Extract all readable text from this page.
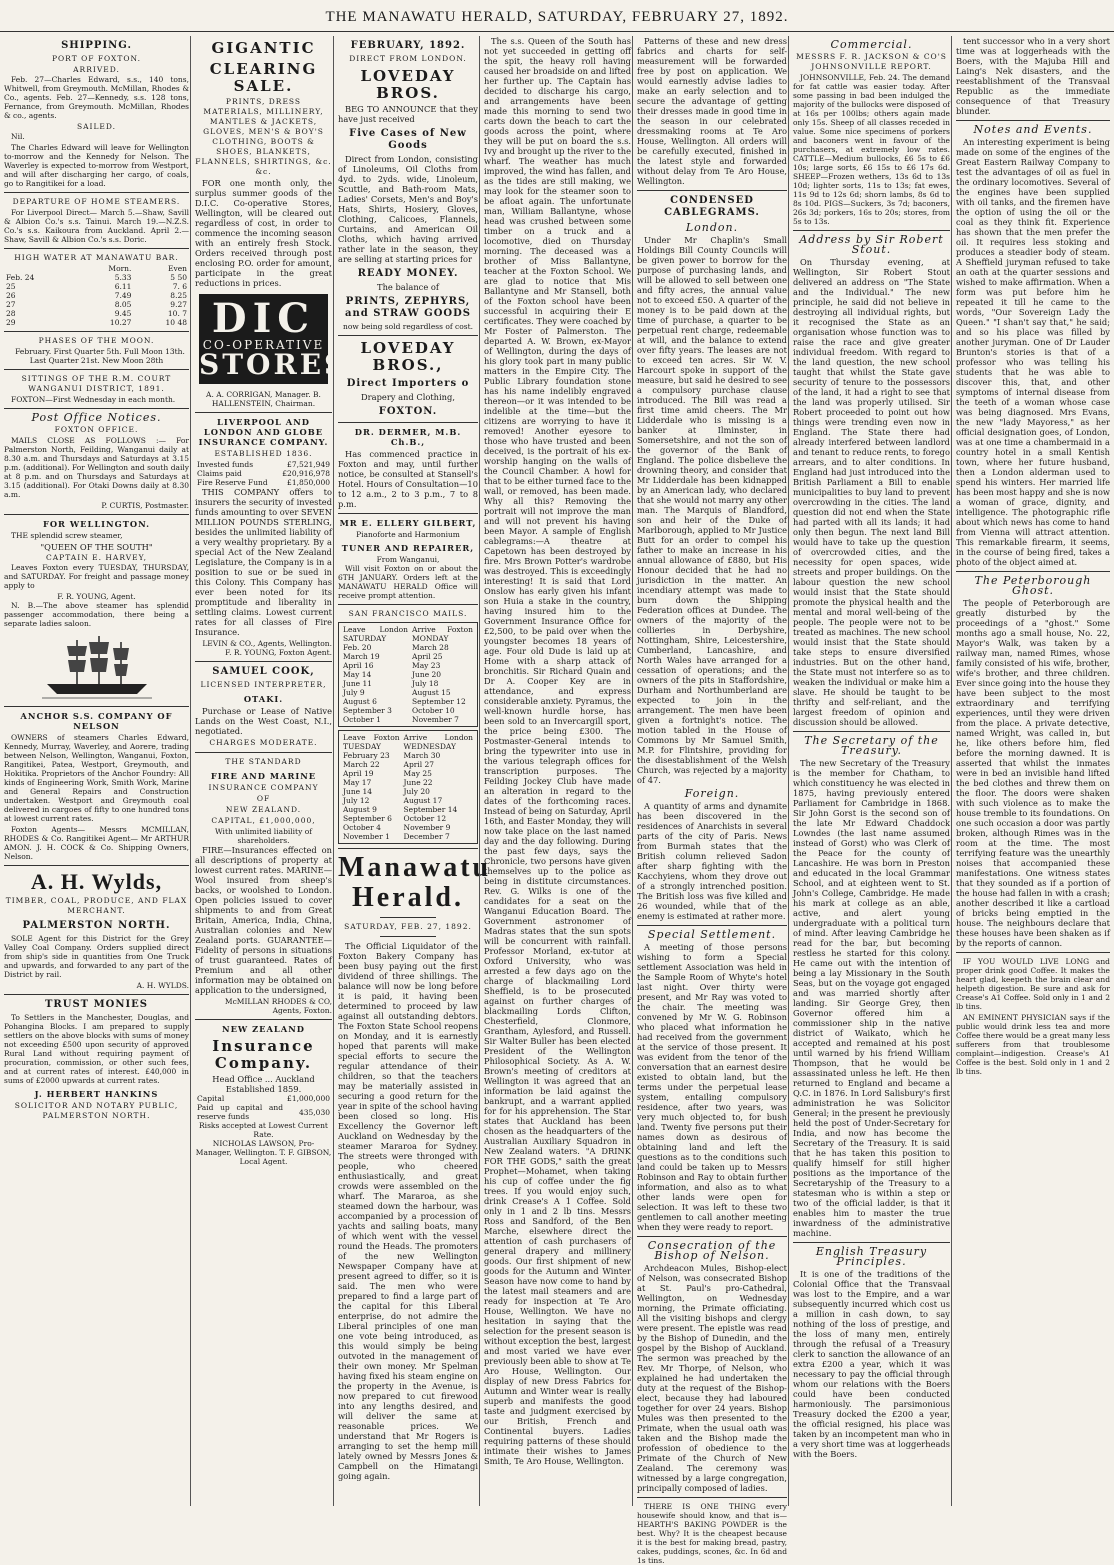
THE MANAWATU HERALD, SATURDAY, FEBRUARY 27, 1892.
SHIPPING.
PORT OF FOXTON.
ARRIVED.
Feb. 27—Charles Edward, s.s., 140 tons, Whitwell, from Greymouth. McMillan, Rhodes & Co., agents. Feb. 27—Kennedy, s.s. 128 tons, Fernance, from Greymouth. McMillan, Rhodes & co., agents.
SAILED.
Nil.
The Charles Edward will leave for Wellington to-morrow and the Kennedy for Nelson. The Waverley is expected to-morrow from Westport, and will after discharging her cargo, of coals, go to Rangitikei for a load.
DEPARTURE OF HOME STEAMERS.
For Liverpool Direct— March 5.—Shaw, Savill & Albion Co.'s s.s. Tainui. March 19.—N.Z.S. Co.'s s.s. Kaikoura from Auckland. April 2.—Shaw, Savill & Albion Co.'s s.s. Doric.
HIGH WATER AT MANAWATU BAR.
	Morn.	Even
Feb. 24	5.33	5 50
25	6.11	7. 6
26	7.49	8.25
27	8.05	9.27
28	9.45	10. 7
29	10.27	10 48
PHASES OF THE MOON.
February. First Quarter 5th. Full Moon 13th. Last Quarter 21st. New Moon 28th
SITTINGS OF THE R.M. COURT WANGANUI DISTRICT, 1891.
FOXTON—First Wednesday in each month.
Post Office Notices.
FOXTON OFFICE.
MAILS CLOSE AS FOLLOWS :— For Palmerston North, Feilding, Wanganui daily at 8.30 a.m. and Thursdays and Saturdays at 3.15 p.m. (additional). For Wellington and south daily at 8 p.m. and on Thursdays and Saturdays at 3.15 (additional). For Otaki Downs daily at 8.30 a.m.
P. CURTIS, Postmaster.
FOR WELLINGTON.
THE splendid screw steamer,
"QUEEN OF THE SOUTH"
CAPTAIN E. HARVEY,
Leaves Foxton every TUESDAY, THURSDAY, and SATURDAY. For freight and passage money apply to
F. R. YOUNG, Agent.
N. B.—The above steamer has splendid passenger accommodation, there being a separate ladies saloon.
ANCHOR S.S. COMPANY OF NELSON
OWNERS of steamers Charles Edward, Kennedy, Murray, Waverley, and Aorere, trading between Nelson, Wellington, Wanganui, Foxton, Rangitikei, Patea, Westport, Greymouth, and Hokitika. Proprietors of the Anchor Foundry: All kinds of Engineering Work, Smith Work, Marine and General Repairs and Construction undertaken. Westport and Greymouth coal delivered in cargoes of fifty to one hundred tons at lowest current rates.
Foxton Agents— Messrs MCMILLAN, RHODES & Co. Rangitikei Agent— Mr ARTHUR AMON. J. H. COCK & Co. Shipping Owners, Nelson.
A. H. Wylds,
TIMBER, COAL, PRODUCE, AND FLAX MERCHANT.
PALMERSTON NORTH.
SOLE Agent for this District for the Grey Valley Coal Company. Orders supplied direct from ship's side in quantities from One Truck and upwards, and forwarded to any part of the District by rail.
A. H. WYLDS.
TRUST MONIES
To Settlers in the Manchester, Douglas, and Pohangina Blocks. I am prepared to supply settlers on the above blocks with sums of money not exceeding £500 upon security of approved Rural Land without requiring payment of procuration, commission, or other such fees, and at current rates of interest. £40,000 in sums of £2000 upwards at current rates.
J. HERBERT HANKINS
SOLICITOR AND NOTARY PUBLIC, PALMERSTON NORTH.
GIGANTIC
CLEARING SALE.
PRINTS, DRESS MATERIALS, MILLINERY, MANTLES & JACKETS, GLOVES, MEN'S & BOY'S CLOTHING, BOOTS & SHOES, BLANKETS, FLANNELS, SHIRTINGS, &c. &c.
FOR one month only, the surplus summer goods of the D.I.C. Co-operative Stores, Wellington, will be cleared out regardless of cost, in order to commence the incoming season with an entirely fresh Stock. Orders received through post enclosing P.O. order for amount, participate in the great reductions in prices.
DIC
CO-OPERATIVE
STORES
A. A. CORRIGAN, Manager. B. HALLENSTEIN, Chairman.
LIVERPOOL AND LONDON AND GLOBE INSURANCE COMPANY.
ESTABLISHED 1836.
Invested funds	£7,521,949
Claims paid	£20,916,978
Fire Reserve Fund	£1,850,000
THIS COMPANY offers to insurers the security of invested funds amounting to over SEVEN MILLION POUNDS STERLING, besides the unlimited liability of a very wealthy proprietary. By a special Act of the New Zealand Legislature, the Company is in a position to sue or be sued in this Colony. This Company has ever been noted for its promptitude and liberality in settling claims. Lowest current rates for all classes of Fire Insurance.
LEVIN & CO., Agents, Wellington. F. R. YOUNG, Foxton Agent.
SAMUEL COOK,
LICENSED INTERPRETER,
OTAKI.
Purchase or Lease of Native Lands on the West Coast, N.I., negotiated.
CHARGES MODERATE.
THE STANDARD
FIRE AND MARINE
INSURANCE COMPANY
OF
NEW ZEALAND.
CAPITAL, £1,000,000,
With unlimited liability of shareholders.
FIRE—Insurances effected on all descriptions of property at lowest current rates. MARINE—Wool insured from sheep's backs, or woolshed to London. Open policies issued to cover shipments to and from Great Britain, America, India, China, Australian colonies and New Zealand ports. GUARANTEE—Fidelity of persons in situations of trust guaranteed. Rates of Premium and all other information may be obtained on application to the undersigned,
McMILLAN RHODES & CO, Agents, Foxton.
NEW ZEALAND
Insurance Company.
Head Office ... Auckland
Established 1859.
Capital	£1,000,000
Paid up capital and reserve funds	435,030
Risks accepted at Lowest Current Rate.
NICHOLAS LAWSON, Pro-Manager, Wellington. T. F. GIBSON, Local Agent.
FEBRUARY, 1892.
DIRECT FROM LONDON.
LOVEDAY BROS.
BEG TO ANNOUNCE that they have just received
Five Cases of New Goods
Direct from London, consisting of Linoleums, Oil Cloths from 4yd. to 2yds. wide, Linoleum, Scuttle, and Bath-room Mats, Ladies' Corsets, Men's and Boy's Hats, Shirts, Hosiery, Gloves, Clothing, Calicoes, Flannels, Curtains, and American Oil Cloths, which having arrived rather late in the season, they are selling at starting prices for
READY MONEY.
The balance of
PRINTS, ZEPHYRS, and STRAW GOODS
now being sold regardless of cost.
LOVEDAY BROS.,
Direct Importers o
Drapery and Clothing,
FOXTON.
DR. DERMER, M.B. Ch.B.,
Has commenced practice in Foxton and may, until further notice, be consulted at Stansell's Hotel. Hours of Consultation—10 to 12 a.m., 2 to 3 p.m., 7 to 8 p.m.
MR E. ELLERY GILBERT,
Pianoforte and Harmonium
TUNER AND REPAIRER,
From Wanganui,
Will visit Foxton on or about the 6TH JANUARY. Orders left at the MANAWATU HERALD Office will receive prompt attention.
SAN FRANCISCO MAILS.
Leave London SATURDAY	Arrive Foxton MONDAY
Feb. 20	March 28
March 19	April 25
April 16	May 23
May 14	June 20
June 11	July 18
July 9	August 15
August 6	September 12
September 3	October 10
October 1	November 7
Leave Foxton TUESDAY	Arrive London WEDNESDAY
February 23	March 30
March 22	April 27
April 19	May 25
May 17	June 22
June 14	July 20
July 12	August 17
August 9	September 14
September 6	October 12
October 4	November 9
November 1	December 7
Manawatu Herald.
SATURDAY, FEB. 27, 1892.
The Official Liquidator of the Foxton Bakery Company has been busy paying out the first dividend of three shillings. The balance will now be long before it is paid, it having been determined to proceed by law against all outstanding debtors. The Foxton State School reopens on Monday, and it is earnestly hoped that parents will make special efforts to secure the regular attendance of their children, so that the teachers may be materially assisted in securing a good return for the year in spite of the school having been closed so long. His Excellency the Governor left Auckland on Wednesday by the steamer Mararoa for Sydney. The streets were thronged with people, who cheered enthusiastically, and great crowds were assembled on the wharf. The Mararoa, as she steamed down the harbour, was accompanied by a procession of yachts and sailing boats, many of which went with the vessel round the Heads. The promoters of the new Wellington Newspaper Company have at present agreed to differ, so it is said. The men who were prepared to find a large part of the capital for this Liberal enterprise, do not admire the Liberal principles of one man one vote being introduced, as this would simply be being outvoted in the management of their own money. Mr Spelman having fixed his steam engine on the property in the Avenue, is now prepared to cut firewood into any lengths desired, and will deliver the same at reasonable prices. We understand that Mr Rogers is arranging to set the hemp mill lately owned by Messrs Jones & Campbell on the Himatangi going again.
The s.s. Queen of the South has not yet succeeded in getting off the spit, the heavy roll having caused her broadside on and lifted her further up. The Captain has decided to discharge his cargo, and arrangements have been made this morning to send two carts down the beach to cart the goods across the point, where they will be put on board the s.s. Ivy and brought up the river to the wharf. The weather has much improved, the wind has fallen, and as the tides are still making, we may look for the steamer soon to be afloat again. The unfortunate man, William Ballantyne, whose head was crushed between some timber on a truck and a locomotive, died on Thursday morning. The deceased was a brother of Miss Ballantyne, teacher at the Foxton School. We are glad to notice that Mis Ballantyne and Mr Stansell, both of the Foxton school have been successful in acquiring their E certificates. They were coached by Mr Foster of Palmerston. The departed A. W. Brown, ex-Mayor of Wellington, during the days of his glory took part in many public matters in the Empire City. The Public Library foundation stone has his name indelibly engraved thereon—or it was intended to be indelible at the time—but the citizens are worrying to have it removed! Another eyesore to those who have trusted and been deceived, is the portrait of his ex-worship hanging on the walls of the Council Chamber. A howl for that to be either turned face to the wall, or removed, has been made. Why all this? Removing the portrait will not improve the man and will not prevent his having been Mayor. A sample of English cablegrams:—A theatre at Capetown has been destroyed by fire. Mrs Brown Potter's wardrobe was destroyed. This is exceedingly interesting! It is said that Lord Onslow has early given his infant son Huia a stake in the country, having insured him to the Government Insurance Office for £2,500, to be paid over when the youngster becomes 18 years of age. Four old Dude is laid up at Home with a sharp attack of bronchitis. Sir Richard Quain and Dr A. Cooper Key are in attendance, and express considerable anxiety. Pyramus, the well-known hurdle horse, has been sold to an Invercargill sport, the price being £300. The Postmaster-General intends to bring the typewriter into use in the various telegraph offices for transcription purposes. The Feilding Jockey Club have made an alteration in regard to the dates of the forthcoming races. Instead of being on Saturday, April 16th, and Easter Monday, they will now take place on the last named day and the day following. During the past few days, says the Chronicle, two persons have given themselves up to the police as being in distitute circumstances. Rev. G. Wilks is one of the candidates for a seat on the Wanganui Education Board. The Government astronomer of Madras states that the sun spots will be concurrent with rainfall. Professor Morland, ex-tutor at Oxford University, who was arrested a few days ago on the charge of blackmailing Lord Sheffield, is to be prosecuted against on further charges of blackmailing Lords Clifton, Chesterfield, Clonmore, Grantham, Aylesford, and Russell. Sir Walter Buller has been elected President of the Wellington Philosophical Society. As A. W. Brown's meeting of creditors at Wellington it was agreed that an information be laid against the bankrupt, and a warrant applied for for his apprehension. The Star states that Auckland has been chosen as the headquarters of the Australian Auxiliary Squadron in New Zealand waters. "A DRINK FOR THE GODS," saith the great Prophet—Mohamet, when taking his cup of coffee under the fig trees. If you would enjoy such, drink Crease's A 1 Coffee. Sold only in 1 and 2 lb tins. Messrs Ross and Sandford, of the Ben Marche, elsewhere direct the attention of cash purchasers of general drapery and millinery goods. Our first shipment of new goods for the Autumn and Winter Season have now come to hand by the latest mail steamers and are ready for inspection at Te Aro House, Wellington. We have no hesitation in saying that the selection for the present season is without exception the best, largest and most varied we have ever previously been able to show at Te Aro House, Wellington. Our display of new Dress Fabrics for Autumn and Winter wear is really superb and manifests the good taste and judgment exercised by our British, French and Continental buyers. Ladies requiring patterns of these should intimate their wishes to James Smith, Te Aro House, Wellington.
Patterns of these and new dress fabrics and charts for self-measurement will be forwarded free by post on application. We would earnestly advise ladies to make an early selection and to secure the advantage of getting their dresses made in good time in the season in our celebrated dressmaking rooms at Te Aro House, Wellington. All orders will be carefully executed, finished in the latest style and forwarded without delay from Te Aro House, Wellington.
CONDENSED CABLEGRAMS.
London.
Under Mr Chaplin's Small Holdings Bill County Councils will be given power to borrow for the purpose of purchasing lands, and will be allowed to sell between one and fifty acres, the annual value not to exceed £50. A quarter of the money is to be paid down at the time of purchase, a quarter to be perpetual rent charge, redeemable at will, and the balance to extend over fifty years. The leases are not to exceed ten acres. Sir W. V. Harcourt spoke in support of the measure, but said he desired to see a compulsory purchase clause introduced. The Bill was read a first time amid cheers. The Mr Lidderdale who is missing is a banker at Ilminster, in Somersetshire, and not the son of the governor of the Bank of England. The police disbelieve the drowning theory, and consider that Mr Lidderdale has been kidnapped by an American lady, who declared that she would not marry any other man. The Marquis of Blandford, son and heir of the Duke of Marlborough, applied to Mr Justice Butt for an order to compel his father to make an increase in his annual allowance of £880, but His Honour decided that he had no jurisdiction in the matter. An incendiary attempt was made to burn down the Shipping Federation offices at Dundee. The owners of the majority of the collieries in Derbyshire, Nottingham, Shire, Leicestershire, Cumberland, Lancashire, and North Wales have arranged for a cessation of operations; and the owners of the pits in Staffordshire, Durham and Northumberland are expected to join in the arrangement. The men have been given a fortnight's notice. The motion tabled in the House of Commons by Mr Samuel Smith, M.P. for Flintshire, providing for the disestablishment of the Welsh Church, was rejected by a majority of 47.
Foreign.
A quantity of arms and dynamite has been discovered in the residences of Anarchists in several parts of the city of Paris. News from Burmah states that the British column relieved Sadon after sharp fighting with the Kacchyiens, whom they drove out of a strongly intrenched position. The British loss was five killed and 26 wounded, while that of the enemy is estimated at rather more.
Special Settlement.
A meeting of those persons wishing to form a Special settlement Association was held in the Sample Room of Whyte's hotel last night. Over thirty were present, and Mr Ray was voted to the chair. The meeting was convened by Mr W. G. Robinson who placed what information he had received from the government at the service of those present. It was evident from the tenor of the conversation that an earnest desire existed to obtain land, but the terms under the perpetual lease system, entailing compulsory residence, after two years, was very much objected to, for bush land. Twenty five persons put their names down as desirous of obtaining land and left the questions as to the conditions such land could be taken up to Messrs Robinson and Ray to obtain further information, and also as to what other lands were open for selection. It was left to these two gentlemen to call another meeting when they were ready to report.
Consecration of the Bishop of Nelson.
Archdeacon Mules, Bishop-elect of Nelson, was consecrated Bishop at St. Paul's pro-Cathedral, Wellington, on Wednesday morning, the Primate officiating. All the visiting bishops and clergy were present. The epistle was read by the Bishop of Dunedin, and the gospel by the Bishop of Auckland. The sermon was preached by the Rev. Mr Thorpe, of Nelson, who explained he had undertaken the duty at the request of the Bishop-elect, because they had laboured together for over 24 years. Bishop Mules was then presented to the Primate, when the usual oath was taken and the Bishop made the profession of obedience to the Primate of the Church of New Zealand. The ceremony was witnessed by a large congregation, principally composed of ladies.
THERE IS ONE THING every housewife should know, and that is—HEARTH'S BAKING POWDER is the best. Why? It is the cheapest because it is the best for making bread, pastry, cakes, puddings, scones, &c. In 6d and 1s tins.
Commercial.
MESSRS F. R. JACKSON & CO'S JOHNSONVILLE REPORT.
JOHNSONVILLE, Feb. 24. The demand for fat cattle was easier today. After some passing in bad been indulged the majority of the bullocks were disposed of at 16s per 100lbs; others again made only 15s. Sheep of all classes receded in value. Some nice specimens of porkers and baconers went in favour of the purchasers, at extremely low rates. CATTLE—Medium bullocks, £6 5s to £6 10s; large sorts, £6 15s to £6 17s 6d. SHEEP—Frozen wethers, 13s 6d to 13s 10d; lighter sorts, 11s to 13s; fat ewes, 11s 9d to 12s 6d; shorn lambs, 8s 6d to 8s 10d. PIGS—Suckers, 3s 7d; baconers, 26s 3d; porkers, 16s to 20s; stores, from 5s to 13s.
Address by Sir Robert Stout.
On Thursday evening, at Wellington, Sir Robert Stout delivered an address on "The State and the Individual." The new principle, he said did not believe in destroying all individual rights, but it recognised the State as an organisation whose function was to raise the race and give greater individual freedom. With regard to the land question, the new school taught that whilst the State gave security of tenure to the possessors of the land, it had a right to see that the land was properly utilised. Sir Robert proceeded to point out how things were trending even now in England. The State there had already interfered between landlord and tenant to reduce rents, to forego arrears, and to alter conditions. In England had just introduced into the British Parliament a Bill to enable municipalities to buy land to prevent overcrowding in the cities. The land question did not end when the State had parted with all its lands; it had only then begun. The next land Bill would have to take up the question of overcrowded cities, and the necessity for open spaces, wide streets and proper buildings. On the labour question the new school would insist that the State should promote the physical health and the mental and moral well-being of the people. The people were not to be treated as machines. The new school would insist that the State should take steps to ensure diversified industries. But on the other hand, the State must not interfere so as to weaken the individual or make him a slave. He should be taught to be thrifty and self-reliant, and the largest freedom of opinion and discussion should be allowed.
The Secretary of the Treasury.
The new Secretary of the Treasury is the member for Chatham, to which constituency he was elected in 1875, having previously entered Parliament for Cambridge in 1868. Sir John Gorst is the second son of the late Mr Edward Chaddock Lowndes (the last name assumed instead of Gorst) who was Clerk of the Peace for the county of Lancashire. He was born in Preston and educated in the local Grammar School, and at eighteen went to St. John's College, Cambridge. He made his mark at college as an able, active, and alert young undergraduate with a political turn of mind. After leaving Cambridge he read for the bar, but becoming restless he started for this colony. He came out with the intention of being a lay Missionary in the South Seas, but on the voyage got engaged and was married shortly after landing. Sir George Grey, then Governor offered him a commissioner ship in the native district of Waikato, which he accepted and remained at his post until warned by his friend William Thompson, that he would be assassinated unless he left. He then returned to England and became a Q.C. in 1876. In Lord Salisbury's first administration he was Solicitor General; in the present he previously held the post of Under-Secretary for India, and now has become the Secretary of the Treasury. It is said that he has taken this position to qualify himself for still higher positions as the importance of the Secretaryship of the Treasury to a statesman who is within a step or two of the official ladder, is that it enables him to master the true inwardness of the administrative machine.
English Treasury Principles.
It is one of the traditions of the Colonial Office that the Transvaal was lost to the Empire, and a war subsequently incurred which cost us a million in cash down, to say nothing of the loss of prestige, and the loss of many men, entirely through the refusal of a Treasury clerk to sanction the allowance of an extra £200 a year, which it was necessary to pay the official through whom our relations with the Boers could have been conducted harmoniously. The parsimonious Treasury docked the £200 a year, the official resigned, his place was taken by an incompetent man who in a very short time was at loggerheads with the Boers.
tent successor who in a very short time was at loggerheads with the Boers, with the Majuba Hill and Laing's Nek disasters, and the reestablishment of the Transvaal Republic as the immediate consequence of that Treasury blunder.
Notes and Events.
An interesting experiment is being made on some of the engines of the Great Eastern Railway Company to test the advantages of oil as fuel in the ordinary locomotives. Several of the engines have been supplied with oil tanks, and the firemen have the option of using the oil or the coal as they think fit. Experience has shown that the men prefer the oil. It requires less stoking and produces a steadier body of steam. A Sheffield juryman refused to take an oath at the quarter sessions and wished to make affirmation. When a form was put before him he repeated it till he came to the words, "Our Sovereign Lady the Queen." "I shan't say that," he said; and so his place was filled by another juryman. One of Dr Lauder Brunton's stories is that of a professor who was telling his students that he was able to discover this, that, and other symptoms of internal disease from the teeth of a woman whose case was being diagnosed. Mrs Evans, the new "lady Mayoress," as her official designation goes, of London, was at one time a chambermaid in a country hotel in a small Kentish town, where her future husband, then a London alderman used to spend his winters. Her married life has been most happy and she is now a woman of grace, dignity, and intelligence. The photographic rifle about which news has come to hand from Vienna will attract attention. This remarkable firearm, it seems, in the course of being fired, takes a photo of the object aimed at.
The Peterborough Ghost.
The people of Peterborough are greatly disturbed by the proceedings of a "ghost." Some months ago a small house, No. 22, Mayor's Walk, was taken by a railway man, named Rimes, whose family consisted of his wife, brother, wife's brother, and three children. Ever since going into the house they have been subject to the most extraordinary and terrifying experiences, until they were driven from the place. A private detective, named Wright, was called in, but he, like others before him, fled before the morning dawned. It is asserted that whilst the inmates were in bed an invisible hand lifted the bed clothes and threw them on the floor. The doors were shaken with such violence as to make the house tremble to its foundations. On one such occasion a door was partly broken, although Rimes was in the room at the time. The most terrifying feature was the unearthly noises that accompanied these manifestations. One witness states that they sounded as if a portion of the house had fallen in with a crash; another described it like a cartload of bricks being emptied in the house. The neighbours declare that these houses have been shaken as if by the reports of cannon.
IF YOU WOULD LIVE LONG and proper drink good Coffee. It makes the heart glad, keepeth the brain clear and helpeth digestion. Be sure and ask for Crease's A1 Coffee. Sold only in 1 and 2 lb tins.
AN EMINENT PHYSICIAN says if the public would drink less tea and more Coffee there would be a great many less sufferers from that troublesome complaint—indigestion. Crease's A1 Coffee is the best. Sold only in 1 and 2 lb tins.
